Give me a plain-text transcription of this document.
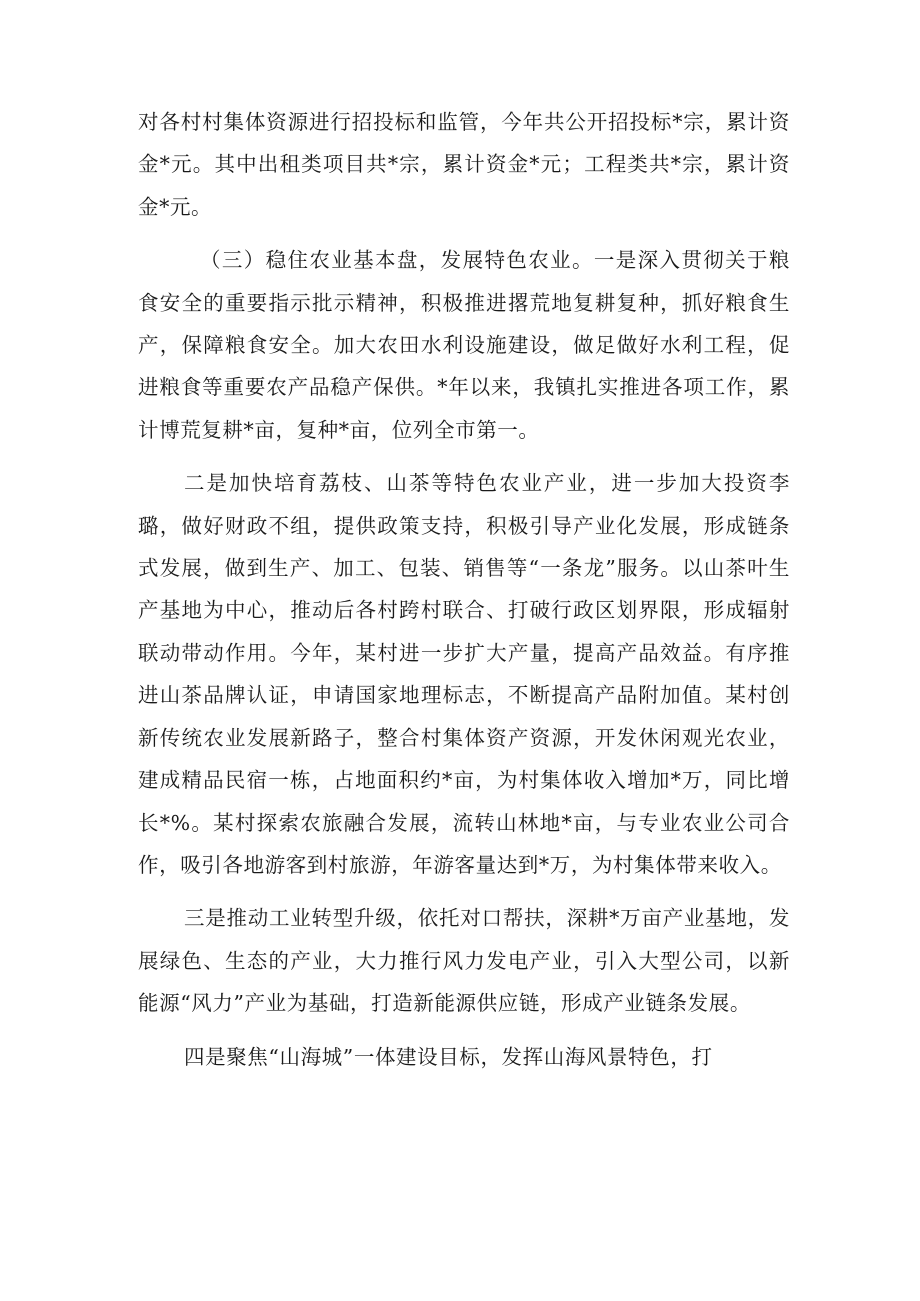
对各村村集体资源进行招投标和监管，今年共公开招投标*宗，累计资金*元。其中出租类项目共*宗，累计资金*元；工程类共*宗，累计资金*元。

（三）稳住农业基本盘，发展特色农业。一是深入贯彻关于粮食安全的重要指示批示精神，积极推进撂荒地复耕复种，抓好粮食生产，保障粮食安全。加大农田水利设施建设，做足做好水利工程，促进粮食等重要农产品稳产保供。*年以来，我镇扎实推进各项工作，累计博荒复耕*亩，复种*亩，位列全市第一。

二是加快培育荔枝、山茶等特色农业产业，进一步加大投资李璐，做好财政不组，提供政策支持，积极引导产业化发展，形成链条式发展，做到生产、加工、包装、销售等“一条龙”服务。以山茶叶生产基地为中心，推动后各村跨村联合、打破行政区划界限，形成辐射联动带动作用。今年，某村进一步扩大产量，提高产品效益。有序推进山茶品牌认证，申请国家地理标志，不断提高产品附加值。某村创新传统农业发展新路子，整合村集体资产资源，开发休闲观光农业，建成精品民宿一栋，占地面积约*亩，为村集体收入增加*万，同比增长*%。某村探索农旅融合发展，流转山林地*亩，与专业农业公司合作，吸引各地游客到村旅游，年游客量达到*万，为村集体带来收入。

三是推动工业转型升级，依托对口帮扶，深耕*万亩产业基地，发展绿色、生态的产业，大力推行风力发电产业，引入大型公司，以新能源“风力”产业为基础，打造新能源供应链，形成产业链条发展。

四是聚焦“山海城”一体建设目标，发挥山海风景特色，打
